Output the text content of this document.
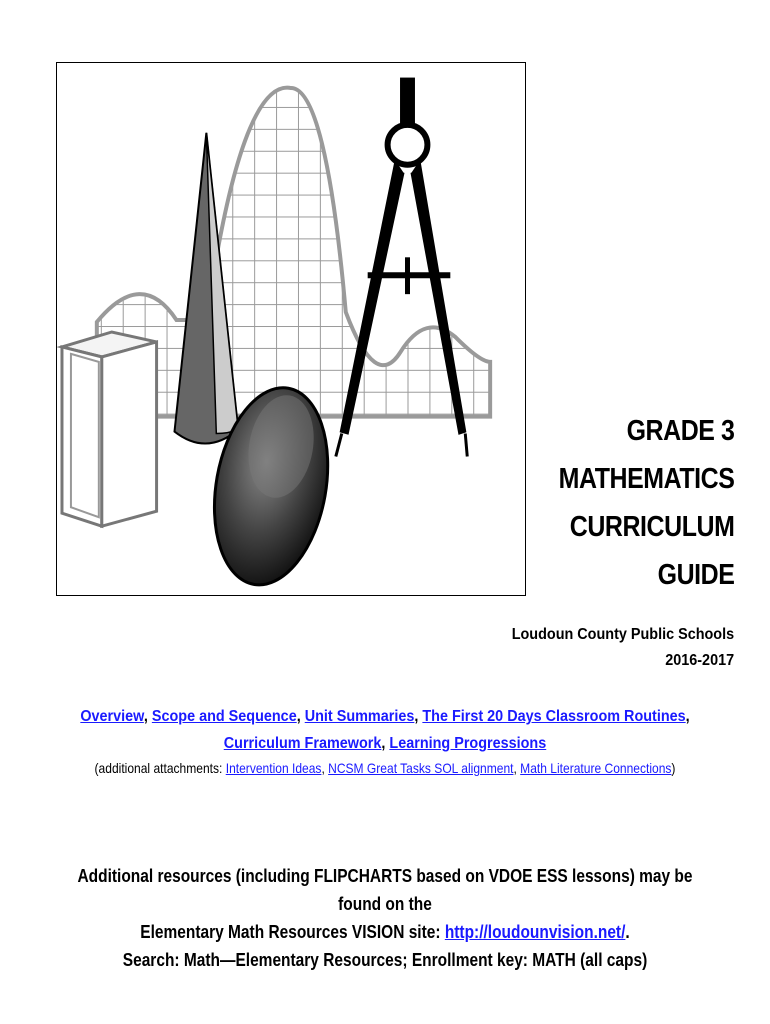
GRADE 3
MATHEMATICS
CURRICULUM
GUIDE
Loudoun County Public Schools
2016-2017
Overview, Scope and Sequence, Unit Summaries, The First 20 Days Classroom Routines,
Curriculum Framework, Learning Progressions
(additional attachments: Intervention Ideas, NCSM Great Tasks SOL alignment, Math Literature Connections)
Additional resources (including FLIPCHARTS based on VDOE ESS lessons) may be found on the
Elementary Math Resources VISION site: http://loudounvision.net/.
Search: Math—Elementary Resources; Enrollment key: MATH (all caps)
